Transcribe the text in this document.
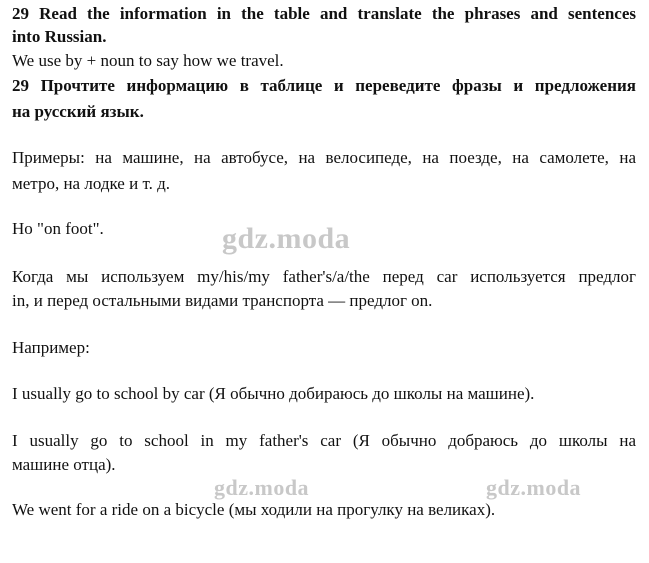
29 Read the information in the table and translate the phrases and sentences
into Russian.
We use by + noun to say how we travel.
29 Прочтите информацию в таблице и переведите фразы и предложения
на русский язык.
Примеры: на машине, на автобусе, на велосипеде, на поезде, на самолете, на
метро, на лодке и т. д.
Но "on foot".	gdz.moda
Когда мы используем my/his/my father's/a/the перед car используется предлог
in, и перед остальными видами транспорта — предлог on.
Например:
I usually go to school by car (Я обычно добираюсь до школы на машине).
I usually go to school in my father's car (Я обычно добраюсь до школы на
машине отца).
gdz.moda	gdz.moda
We went for a ride on a bicycle (мы ходили на прогулку на великах).
